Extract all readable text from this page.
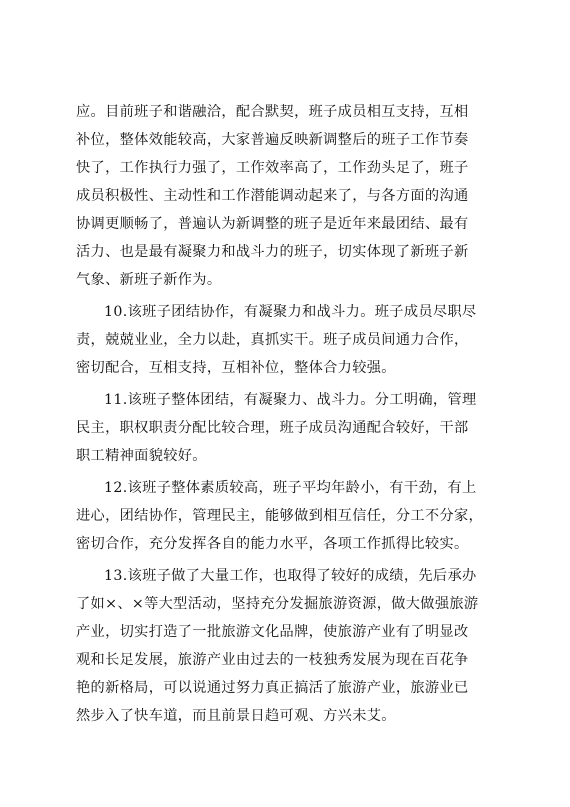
应。目前班子和谐融洽，配合默契，班子成员相互支持，互相
补位，整体效能较高，大家普遍反映新调整后的班子工作节奏
快了，工作执行力强了，工作效率高了，工作劲头足了，班子
成员积极性、主动性和工作潜能调动起来了，与各方面的沟通
协调更顺畅了，普遍认为新调整的班子是近年来最团结、最有
活力、也是最有凝聚力和战斗力的班子，切实体现了新班子新
气象、新班子新作为。
10.该班子团结协作，有凝聚力和战斗力。班子成员尽职尽
责，兢兢业业，全力以赴，真抓实干。班子成员间通力合作，
密切配合，互相支持，互相补位，整体合力较强。
11.该班子整体团结，有凝聚力、战斗力。分工明确，管理
民主，职权职责分配比较合理，班子成员沟通配合较好，干部
职工精神面貌较好。
12.该班子整体素质较高，班子平均年龄小，有干劲，有上
进心，团结协作，管理民主，能够做到相互信任，分工不分家，
密切合作，充分发挥各自的能力水平，各项工作抓得比较实。
13.该班子做了大量工作，也取得了较好的成绩，先后承办
了如×、×等大型活动，坚持充分发掘旅游资源，做大做强旅游
产业，切实打造了一批旅游文化品牌，使旅游产业有了明显改
观和长足发展，旅游产业由过去的一枝独秀发展为现在百花争
艳的新格局，可以说通过努力真正搞活了旅游产业，旅游业已
然步入了快车道，而且前景日趋可观、方兴未艾。
